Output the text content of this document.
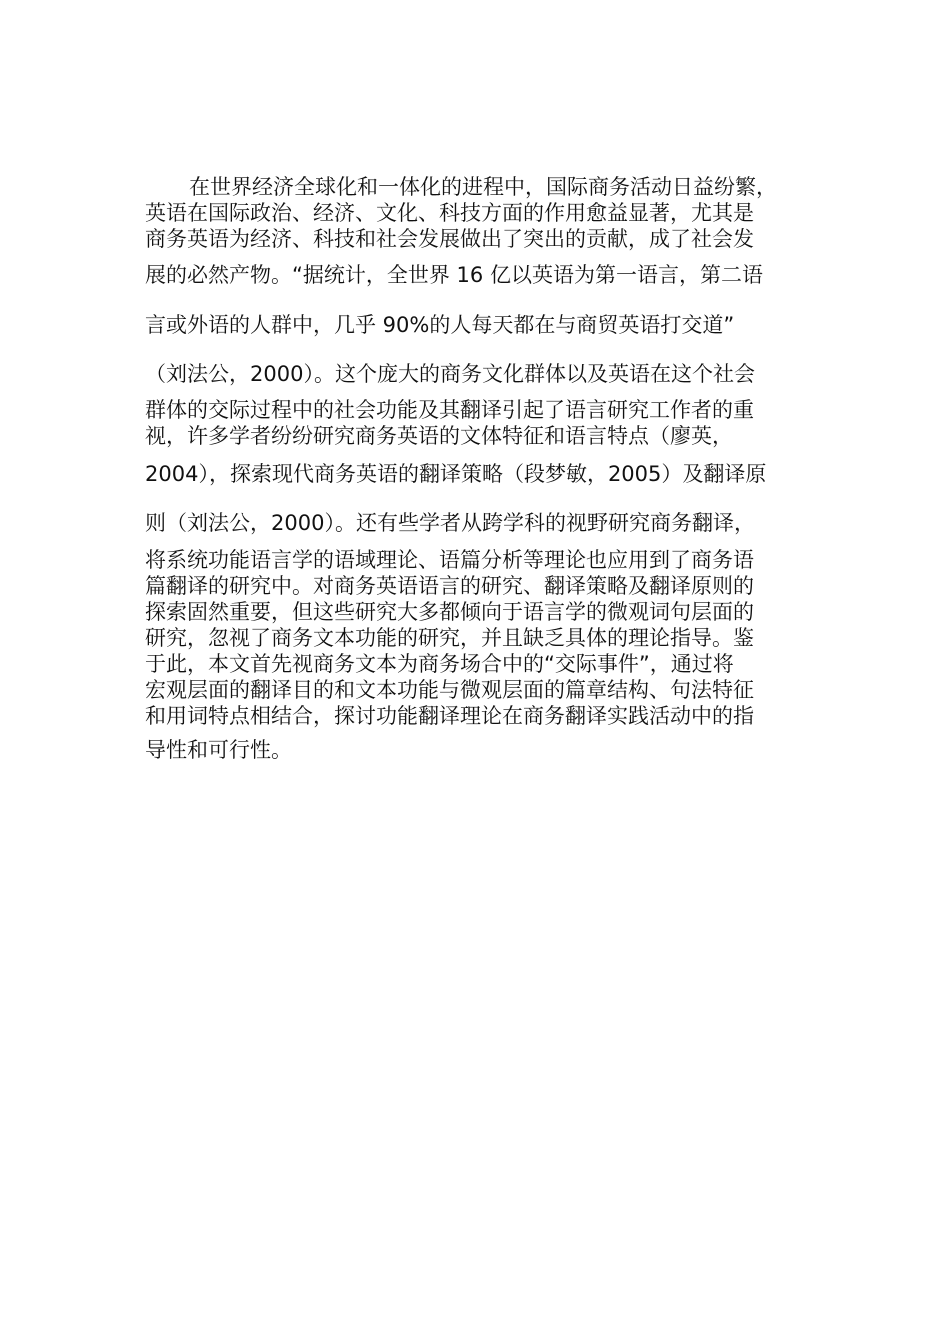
在世界经济全球化和一体化的进程中，国际商务活动日益纷繁，
英语在国际政治、经济、文化、科技方面的作用愈益显著，尤其是
商务英语为经济、科技和社会发展做出了突出的贡献，成了社会发
展的必然产物。“据统计，全世界 16 亿以英语为第一语言，第二语
言或外语的人群中，几乎 90%的人每天都在与商贸英语打交道”
（刘法公，2000）。这个庞大的商务文化群体以及英语在这个社会
群体的交际过程中的社会功能及其翻译引起了语言研究工作者的重
视，许多学者纷纷研究商务英语的文体特征和语言特点（廖英，
2004），探索现代商务英语的翻译策略（段梦敏，2005）及翻译原
则（刘法公，2000）。还有些学者从跨学科的视野研究商务翻译，
将系统功能语言学的语域理论、语篇分析等理论也应用到了商务语
篇翻译的研究中。对商务英语语言的研究、翻译策略及翻译原则的
探索固然重要，但这些研究大多都倾向于语言学的微观词句层面的
研究，忽视了商务文本功能的研究，并且缺乏具体的理论指导。鉴
于此，本文首先视商务文本为商务场合中的“交际事件”，通过将
宏观层面的翻译目的和文本功能与微观层面的篇章结构、句法特征
和用词特点相结合，探讨功能翻译理论在商务翻译实践活动中的指
导性和可行性。
